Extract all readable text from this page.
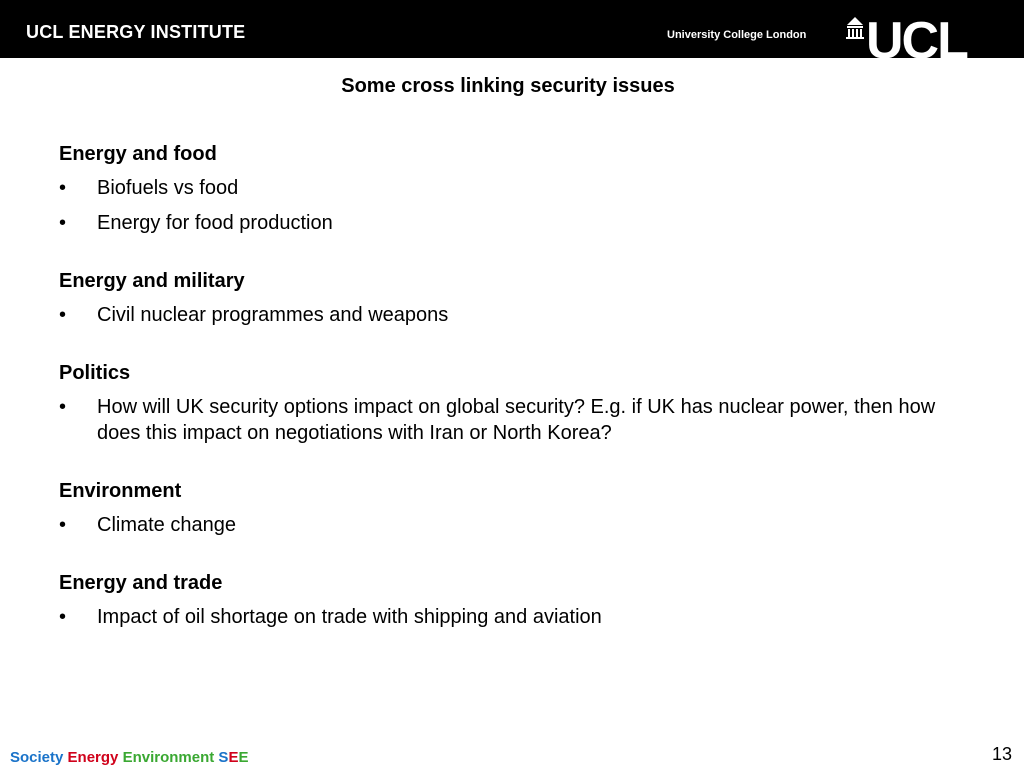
UCL ENERGY INSTITUTE	University College London UCL
Some cross linking security issues
Energy and food
• Biofuels vs food
• Energy for food production
Energy and military
• Civil nuclear programmes and weapons
Politics
• How will UK security options impact on global security? E.g. if UK has nuclear power, then how does this impact on negotiations with Iran or North Korea?
Environment
• Climate change
Energy and trade
• Impact of oil shortage on trade with shipping and aviation
Society Energy Environment SEE	13
